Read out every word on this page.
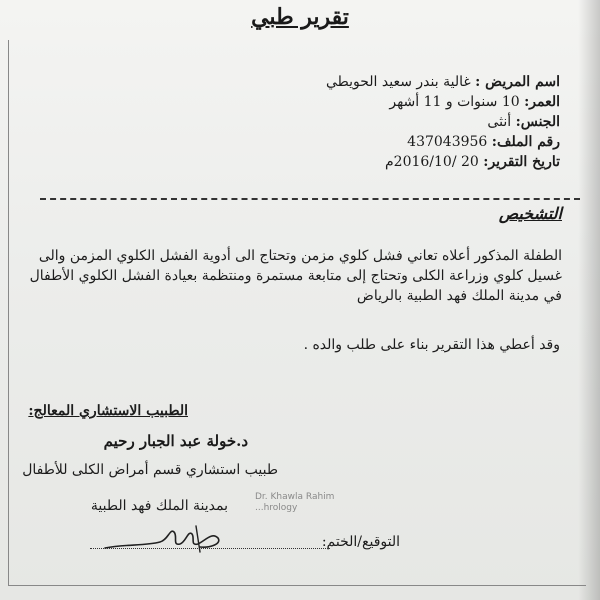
تقرير طبي
اسم المريض : غالية بندر سعيد الحويطي
العمر: 10 سنوات و 11 أشهر
الجنس: أنثى
رقم الملف: 437043956
تاريخ التقرير: 20 /2016/10م
التشخيص
الطفلة المذكور أعلاه تعاني فشل كلوي مزمن وتحتاج الى أدوية الفشل الكلوي المزمن والى غسيل كلوي وزراعة الكلى وتحتاج إلى متابعة مستمرة ومنتظمة بعيادة الفشل الكلوي الأطفال في مدينة الملك فهد الطبية بالرياض
وقد أعطي هذا التقرير بناء على طلب والده .
الطبيب الاستشاري المعالج:
د.خولة عبد الجبار رحيم
طبيب استشاري قسم أمراض الكلى للأطفال
بمدينة الملك فهد الطبية
Dr. Khawla Rahim
...hrology
التوقيع/الختم:
